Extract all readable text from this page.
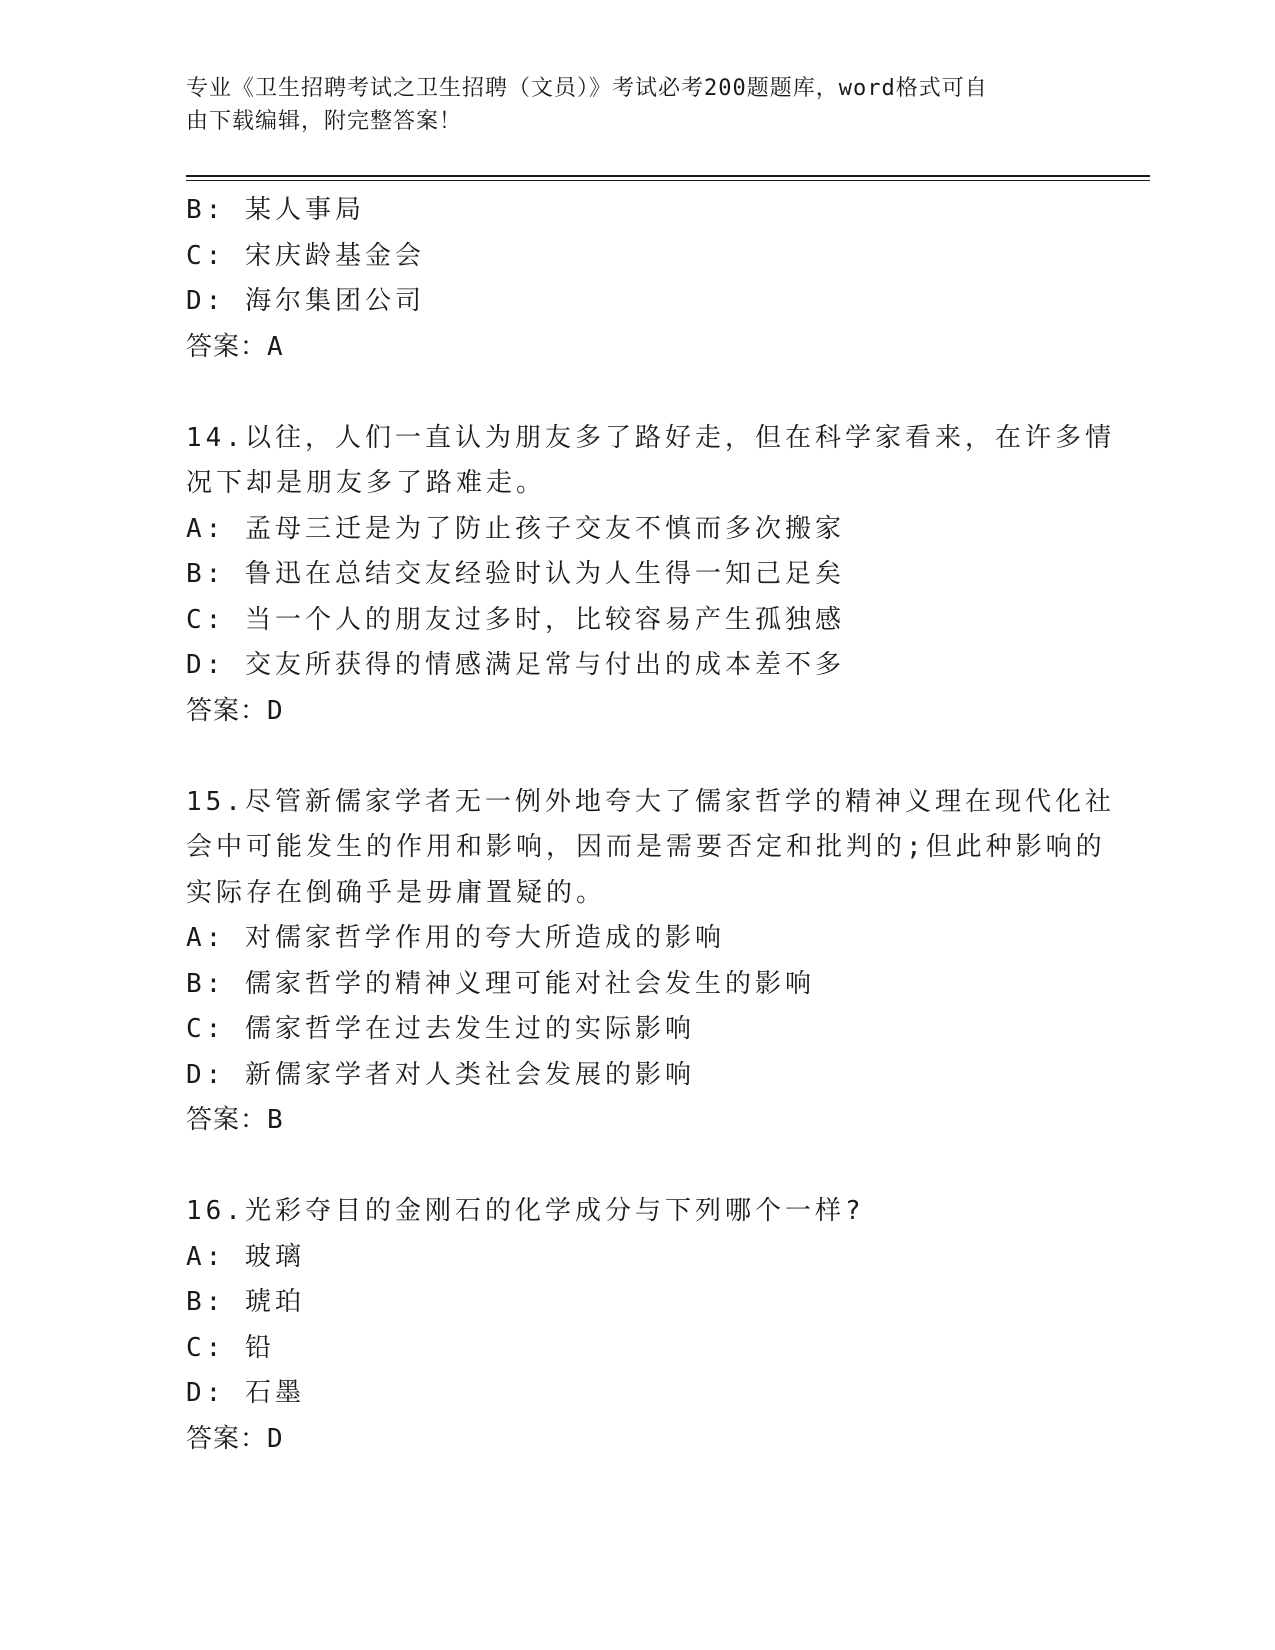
专业《卫生招聘考试之卫生招聘（文员）》考试必考200题题库，word格式可自
由下载编辑，附完整答案！
B: 某人事局
C: 宋庆龄基金会
D: 海尔集团公司
答案：A
14.以往，人们一直认为朋友多了路好走，但在科学家看来，在许多情
况下却是朋友多了路难走。
A: 孟母三迁是为了防止孩子交友不慎而多次搬家
B: 鲁迅在总结交友经验时认为人生得一知己足矣
C: 当一个人的朋友过多时，比较容易产生孤独感
D: 交友所获得的情感满足常与付出的成本差不多
答案：D
15.尽管新儒家学者无一例外地夸大了儒家哲学的精神义理在现代化社
会中可能发生的作用和影响，因而是需要否定和批判的;但此种影响的
实际存在倒确乎是毋庸置疑的。
A: 对儒家哲学作用的夸大所造成的影响
B: 儒家哲学的精神义理可能对社会发生的影响
C: 儒家哲学在过去发生过的实际影响
D: 新儒家学者对人类社会发展的影响
答案：B
16.光彩夺目的金刚石的化学成分与下列哪个一样?
A: 玻璃
B: 琥珀
C: 铅
D: 石墨
答案：D
